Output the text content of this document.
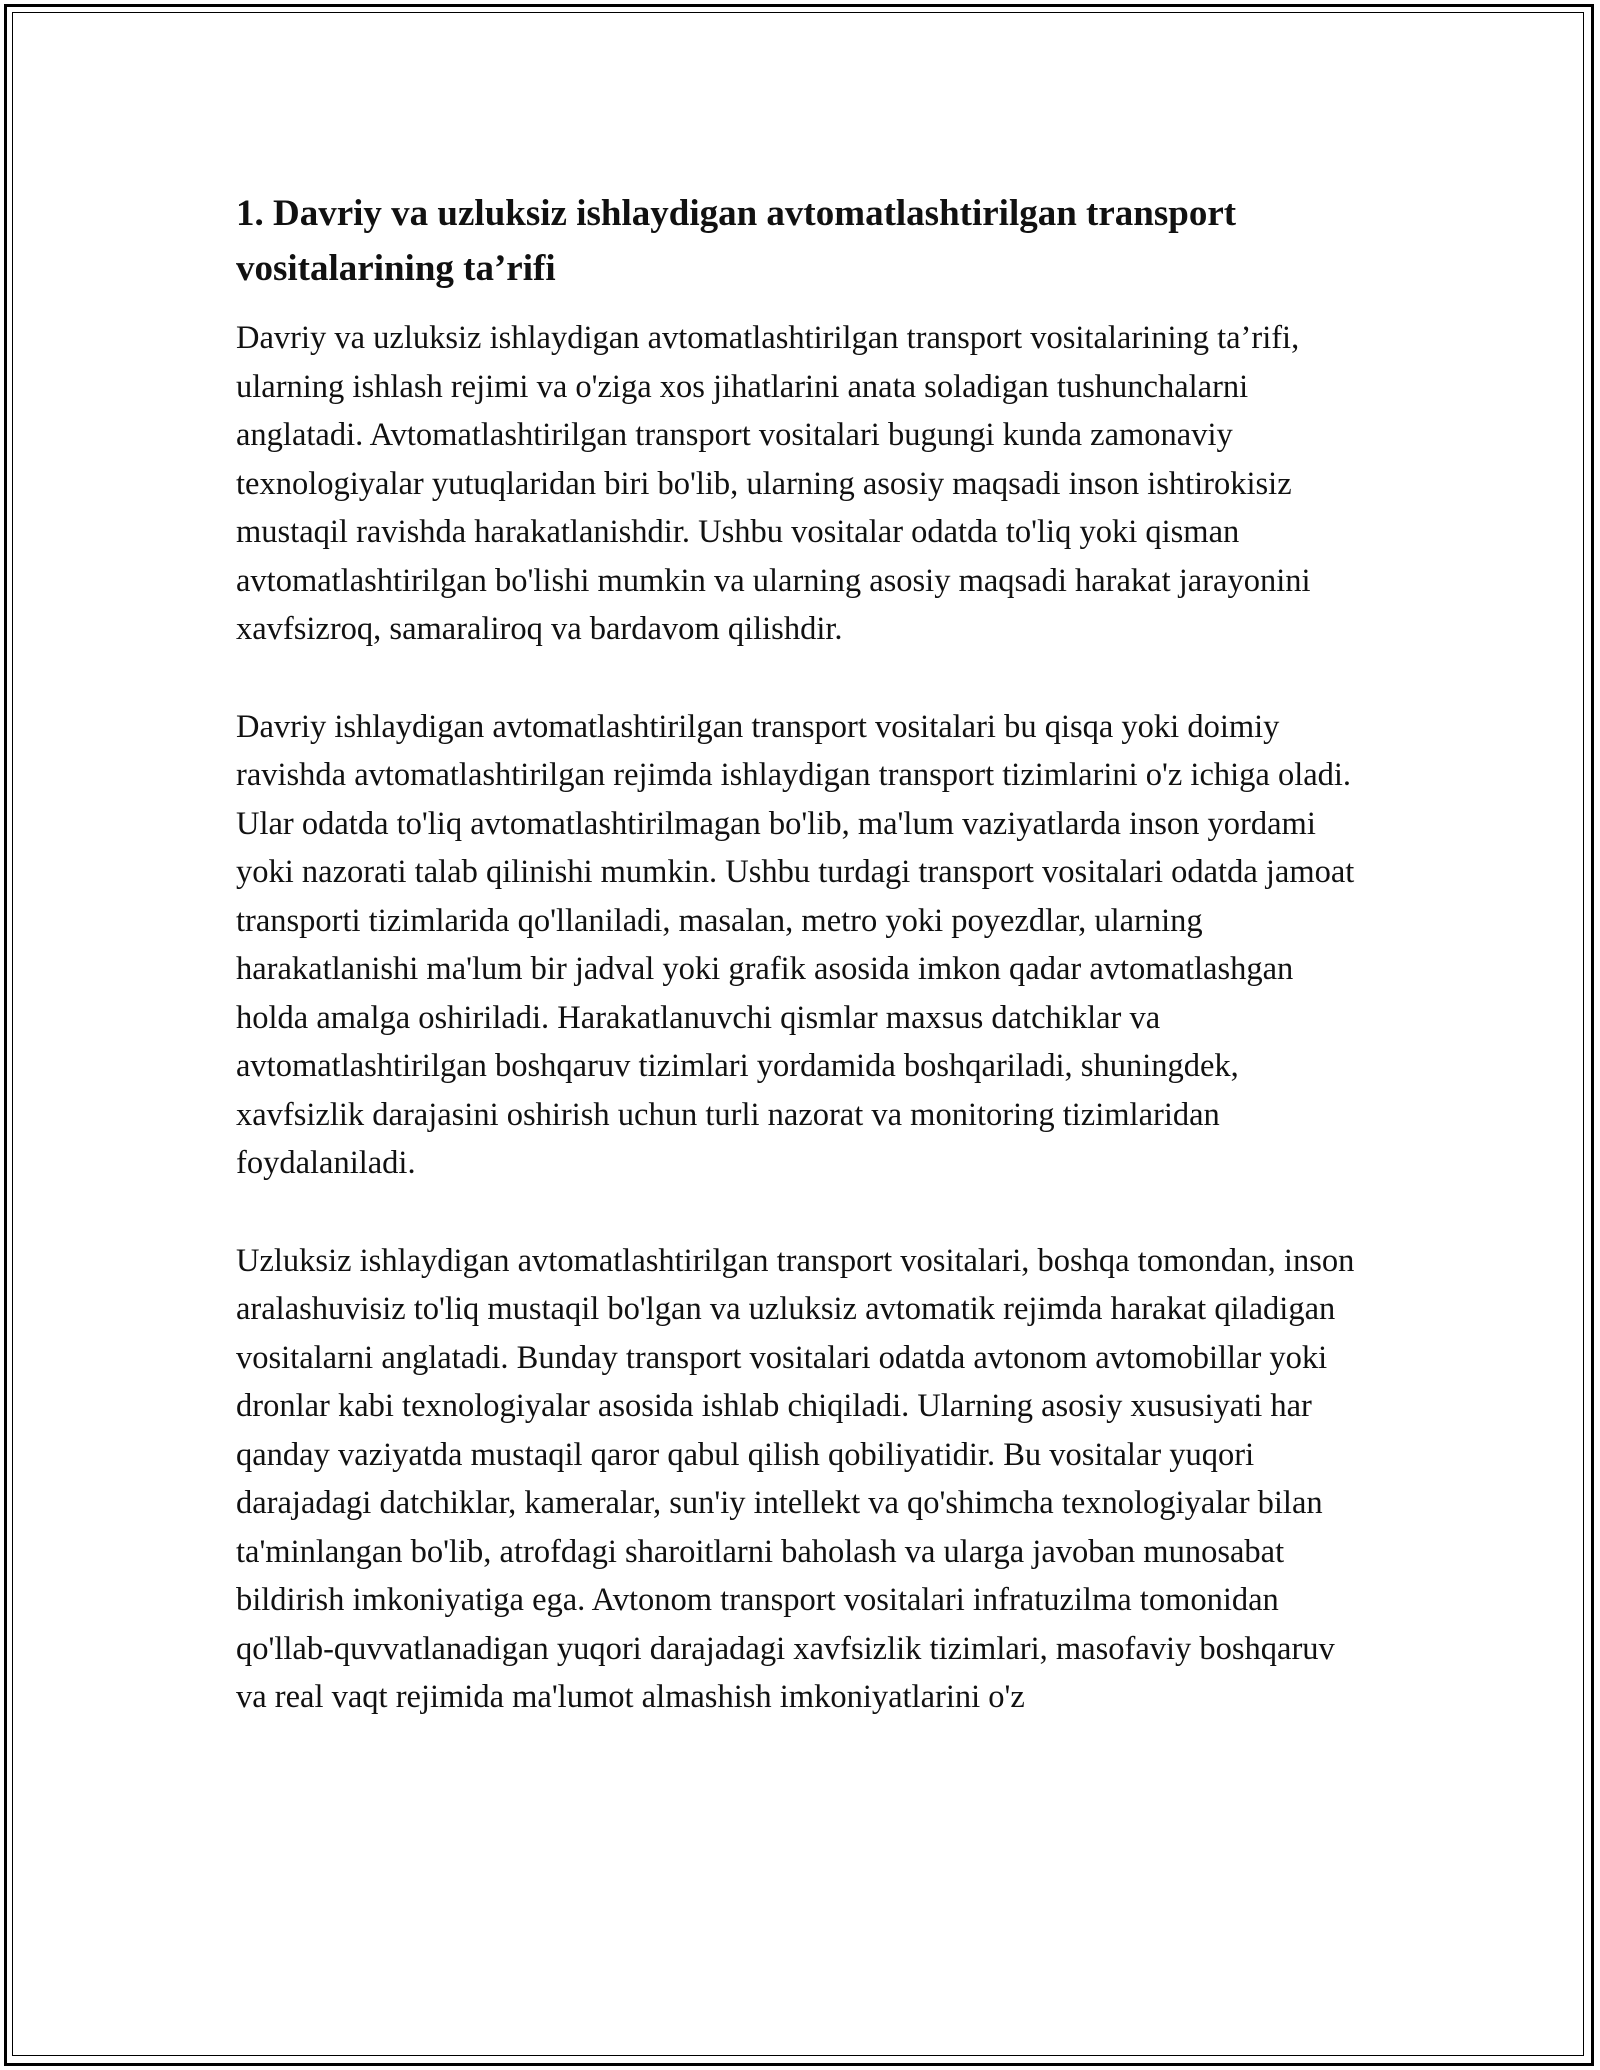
1. Davriy va uzluksiz ishlaydigan avtomatlashtirilgan transport vositalarining ta’rifi

Davriy va uzluksiz ishlaydigan avtomatlashtirilgan transport vositalarining ta’rifi, ularning ishlash rejimi va o'ziga xos jihatlarini anata soladigan tushunchalarni anglatadi. Avtomatlashtirilgan transport vositalari bugungi kunda zamonaviy texnologiyalar yutuqlaridan biri bo'lib, ularning asosiy maqsadi inson ishtirokisiz mustaqil ravishda harakatlanishdir. Ushbu vositalar odatda to'liq yoki qisman avtomatlashtirilgan bo'lishi mumkin va ularning asosiy maqsadi harakat jarayonini xavfsizroq, samaraliroq va bardavom qilishdir.

Davriy ishlaydigan avtomatlashtirilgan transport vositalari bu qisqa yoki doimiy ravishda avtomatlashtirilgan rejimda ishlaydigan transport tizimlarini o'z ichiga oladi. Ular odatda to'liq avtomatlashtirilmagan bo'lib, ma'lum vaziyatlarda inson yordami yoki nazorati talab qilinishi mumkin. Ushbu turdagi transport vositalari odatda jamoat transporti tizimlarida qo'llaniladi, masalan, metro yoki poyezdlar, ularning harakatlanishi ma'lum bir jadval yoki grafik asosida imkon qadar avtomatlashgan holda amalga oshiriladi. Harakatlanuvchi qismlar maxsus datchiklar va avtomatlashtirilgan boshqaruv tizimlari yordamida boshqariladi, shuningdek, xavfsizlik darajasini oshirish uchun turli nazorat va monitoring tizimlaridan foydalaniladi.

Uzluksiz ishlaydigan avtomatlashtirilgan transport vositalari, boshqa tomondan, inson aralashuvisiz to'liq mustaqil bo'lgan va uzluksiz avtomatik rejimda harakat qiladigan vositalarni anglatadi. Bunday transport vositalari odatda avtonom avtomobillar yoki dronlar kabi texnologiyalar asosida ishlab chiqiladi. Ularning asosiy xususiyati har qanday vaziyatda mustaqil qaror qabul qilish qobiliyatidir. Bu vositalar yuqori darajadagi datchiklar, kameralar, sun'iy intellekt va qo'shimcha texnologiyalar bilan ta'minlangan bo'lib, atrofdagi sharoitlarni baholash va ularga javoban munosabat bildirish imkoniyatiga ega. Avtonom transport vositalari infratuzilma tomonidan qo'llab-quvvatlanadigan yuqori darajadagi xavfsizlik tizimlari, masofaviy boshqaruv va real vaqt rejimida ma'lumot almashish imkoniyatlarini o'z
